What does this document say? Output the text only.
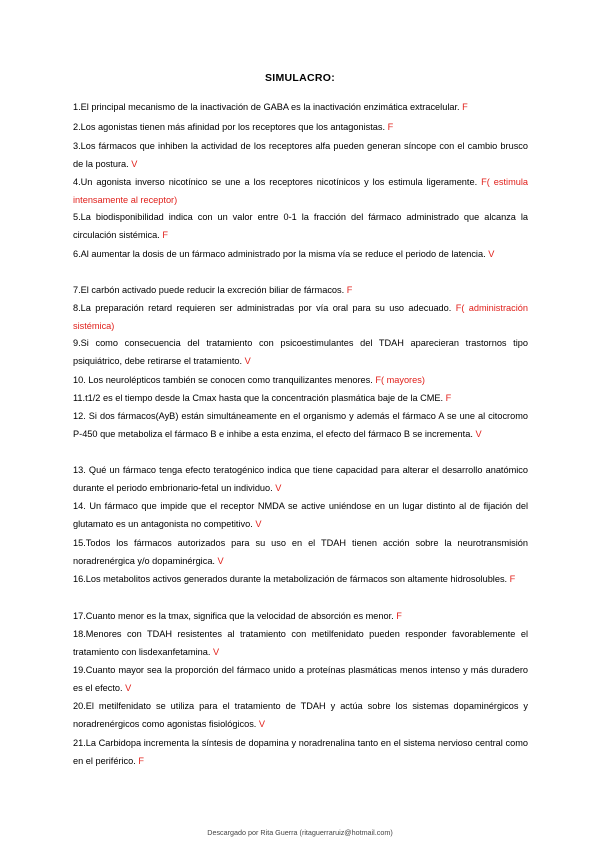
SIMULACRO:
1.El principal mecanismo de la inactivación de GABA es la inactivación enzimática extracelular. F
2.Los agonistas tienen más afinidad por los receptores que los antagonistas. F
3.Los fármacos que inhiben la actividad de los receptores alfa pueden generan síncope con el cambio brusco de la postura. V
4.Un agonista inverso nicotínico se une a los receptores nicotínicos y los estimula ligeramente. F( estimula intensamente al receptor)
5.La biodisponibilidad indica con un valor entre 0-1 la fracción del fármaco administrado que alcanza la circulación sistémica. F
6.Al aumentar la dosis de un fármaco administrado por la misma vía se reduce el periodo de latencia. V
7.El carbón activado puede reducir la excreción biliar de fármacos. F
8.La preparación retard requieren ser administradas por vía oral para su uso adecuado. F( administración sistémica)
9.Si como consecuencia del tratamiento con psicoestimulantes del TDAH aparecieran trastornos tipo psiquiátrico, debe retirarse el tratamiento. V
10. Los neurolépticos también se conocen como tranquilizantes menores. F( mayores)
11.t1/2 es el tiempo desde la Cmax hasta que la concentración plasmática baje de la CME. F
12. Si dos fármacos(AyB) están simultáneamente en el organismo y además el fármaco A se une al citocromo P-450 que metaboliza el fármaco B e inhibe a esta enzima, el efecto del fármaco B se incrementa. V
13. Qué un fármaco tenga efecto teratogénico indica que tiene capacidad para alterar el desarrollo anatómico durante el periodo embrionario-fetal un individuo. V
14. Un fármaco que impide que el receptor NMDA se active uniéndose en un lugar distinto al de fijación del glutamato es un antagonista no competitivo. V
15.Todos los fármacos autorizados para su uso en el TDAH tienen acción sobre la neurotransmisión noradrenérgica y/o dopaminérgica. V
16.Los metabolitos activos generados durante la metabolización de fármacos son altamente hidrosolubles. F
17.Cuanto menor es la tmax, significa que la velocidad de absorción es menor. F
18.Menores con TDAH resistentes al tratamiento con metilfenidato pueden responder favorablemente el tratamiento con lisdexanfetamina. V
19.Cuanto mayor sea la proporción del fármaco unido a proteínas plasmáticas menos intenso y más duradero es el efecto. V
20.El metilfenidato se utiliza para el tratamiento de TDAH y actúa sobre los sistemas dopaminérgicos y noradrenérgicos como agonistas fisiológicos. V
21.La Carbidopa incrementa la síntesis de dopamina y noradrenalina tanto en el sistema nervioso central como en el periférico. F
Descargado por Rita Guerra (ritaguerraruiz@hotmail.com)
